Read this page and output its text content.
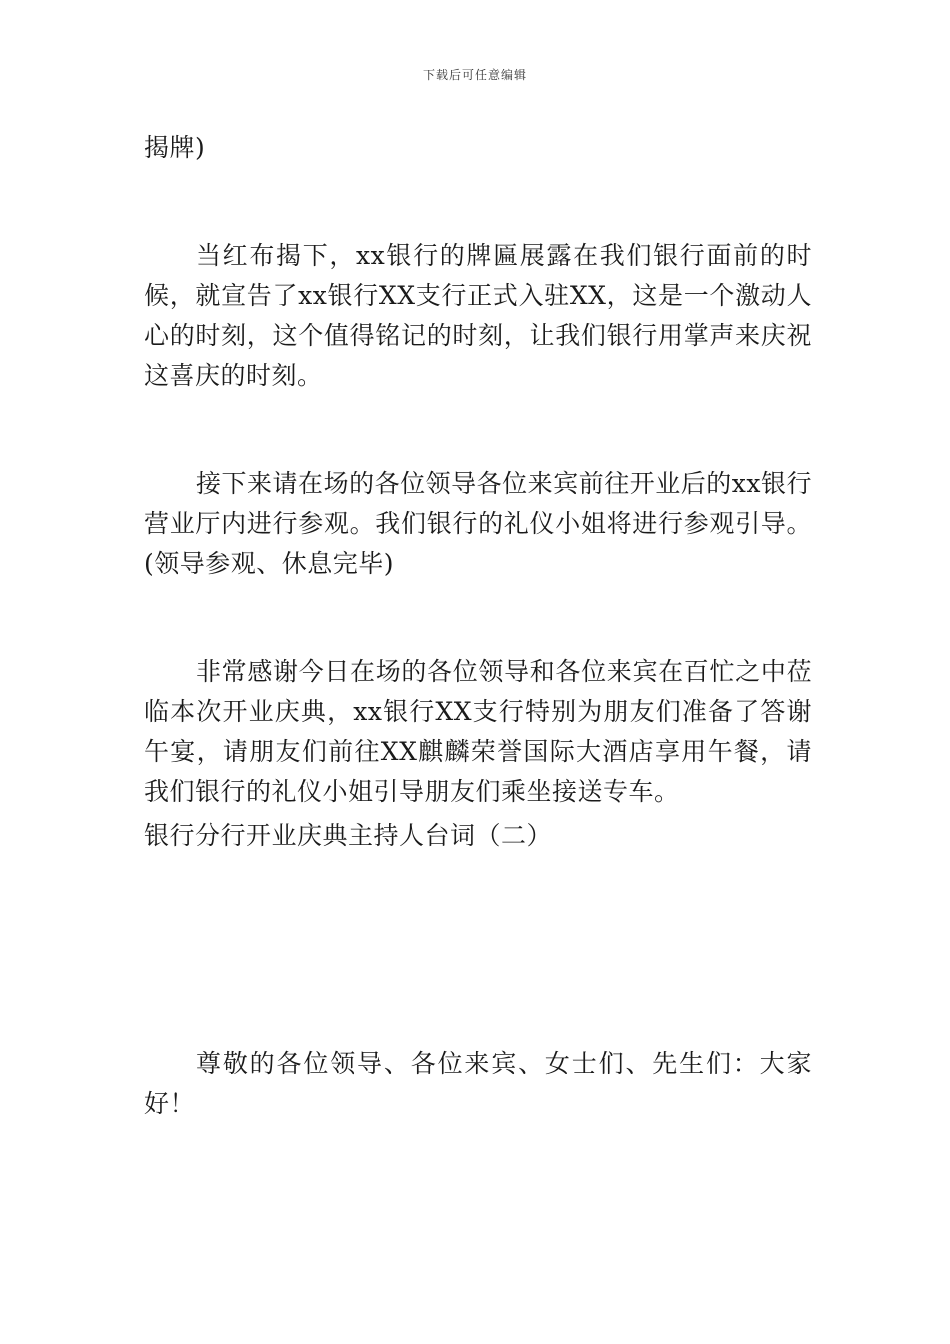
下载后可任意编辑

揭牌)

当红布揭下，xx银行的牌匾展露在我们银行面前的时候，就宣告了xx银行XX支行正式入驻XX，这是一个激动人心的时刻，这个值得铭记的时刻，让我们银行用掌声来庆祝这喜庆的时刻。

接下来请在场的各位领导各位来宾前往开业后的xx银行营业厅内进行参观。我们银行的礼仪小姐将进行参观引导。(领导参观、休息完毕)

非常感谢今日在场的各位领导和各位来宾在百忙之中莅临本次开业庆典，xx银行XX支行特别为朋友们准备了答谢午宴，请朋友们前往XX麒麟荣誉国际大酒店享用午餐，请我们银行的礼仪小姐引导朋友们乘坐接送专车。

银行分行开业庆典主持人台词（二）

尊敬的各位领导、各位来宾、女士们、先生们：大家好！
